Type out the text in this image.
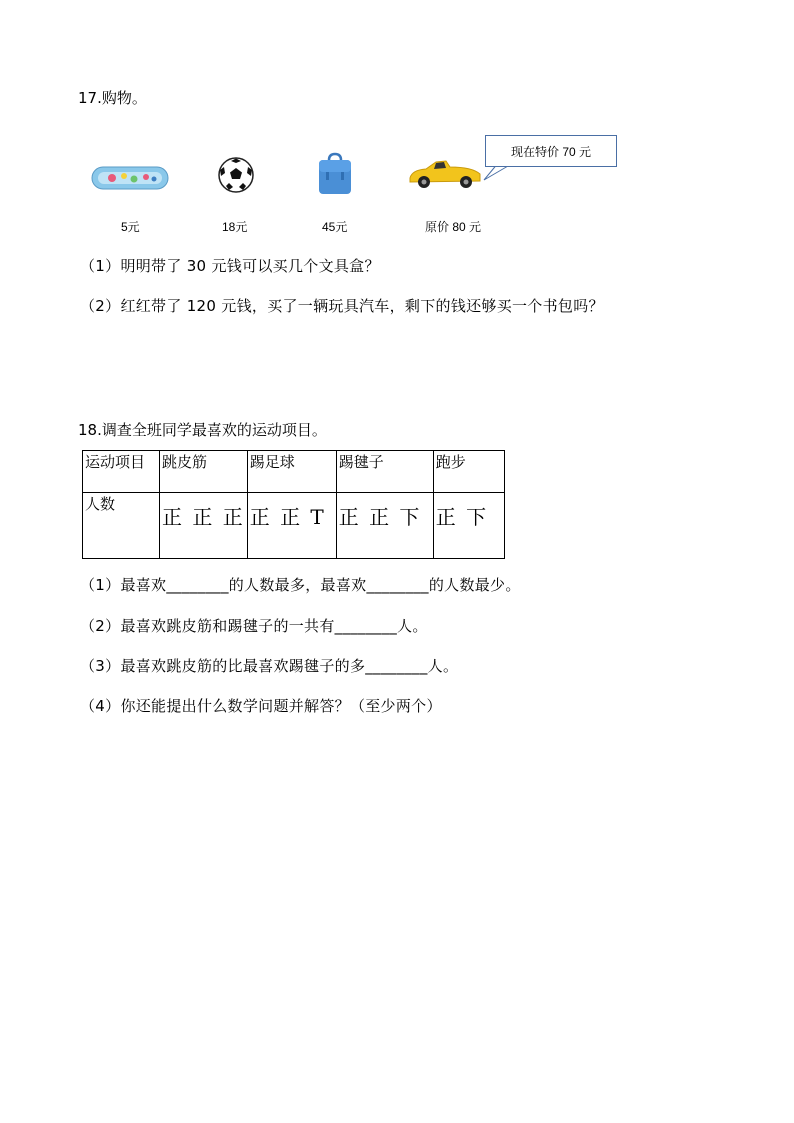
17.购物。
5元	18元	45元	原价 80 元
现在特价 70 元
（1）明明带了 30 元钱可以买几个文具盒？
（2）红红带了 120 元钱，买了一辆玩具汽车，剩下的钱还够买一个书包吗？
18.调查全班同学最喜欢的运动项目。
运动项目	跳皮筋	踢足球	踢毽子	跑步
人数	正 正 正	正 正 T	正 正 下	正 下
（1）最喜欢________的人数最多，最喜欢________的人数最少。
（2）最喜欢跳皮筋和踢毽子的一共有________人。
（3）最喜欢跳皮筋的比最喜欢踢毽子的多________人。
（4）你还能提出什么数学问题并解答？（至少两个）
